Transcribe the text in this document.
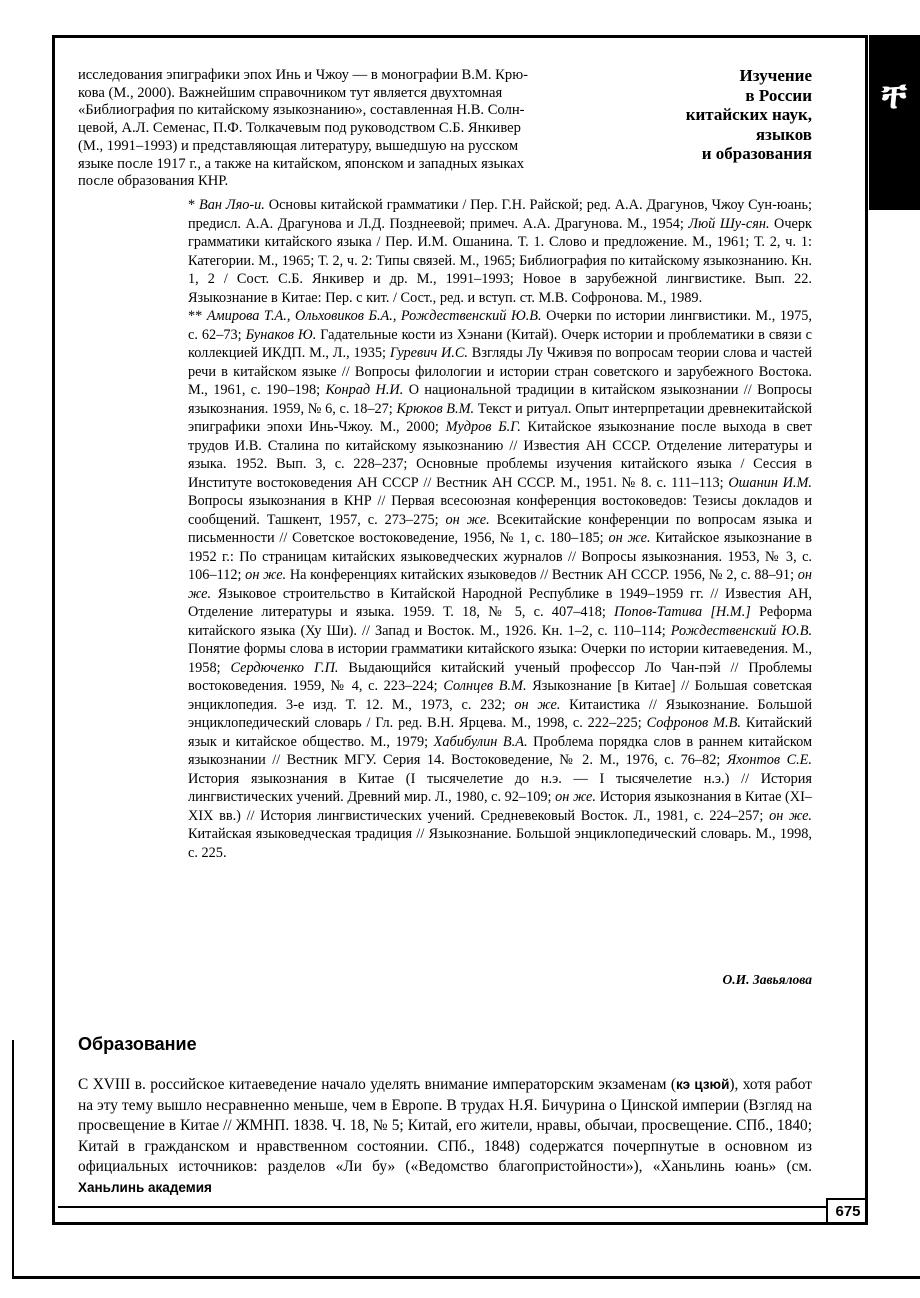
ቸ
Изучение
в России
китайских наук,
языков
и образования
исследования эпиграфики эпох Инь и Чжоу — в монографии В.М. Крю-
кова (М., 2000). Важнейшим справочником тут является двухтомная
«Библиография по китайскому языкознанию», составленная Н.В. Солн-
цевой, А.Л. Семенас, П.Ф. Толкачевым под руководством С.Б. Янкивер
(М., 1991–1993) и представляющая литературу, вышедшую на русском
языке после 1917 г., а также на китайском, японском и западных языках
после образования КНР.

* Ван Ляо-и. Основы китайской грамматики / Пер. Г.Н. Райской; ред. А.А. Драгунов, Чжоу Сун-юань; предисл. А.А. Драгунова и Л.Д. Позднеевой; примеч. А.А. Драгунова. М., 1954; Люй Шу-сян. Очерк грамматики китайского языка / Пер. И.М. Ошанина. Т. 1. Слово и предложение. М., 1961; Т. 2, ч. 1: Категории. М., 1965; Т. 2, ч. 2: Типы связей. М., 1965; Библиография по китайскому языкознанию. Кн. 1, 2 / Сост. С.Б. Янкивер и др. М., 1991–1993; Новое в зарубежной лингвистике. Вып. 22. Языкознание в Китае: Пер. с кит. / Сост., ред. и вступ. ст. М.В. Софронова. М., 1989.

** Амирова Т.А., Ольховиков Б.А., Рождественский Ю.В. Очерки по истории лингвистики. М., 1975, с. 62–73; Бунаков Ю. Гадательные кости из Хэнани (Китай). Очерк истории и проблематики в связи с коллекцией ИКДП. М., Л., 1935; Гуревич И.С. Взгляды Лу Чживэя по вопросам теории слова и частей речи в китайском языке // Вопросы филологии и истории стран советского и зарубежного Востока. М., 1961, с. 190–198; Конрад Н.И. О национальной традиции в китайском языкознании // Вопросы языкознания. 1959, № 6, с. 18–27; Крюков В.М. Текст и ритуал. Опыт интерпретации древнекитайской эпиграфики эпохи Инь-Чжоу. М., 2000; Мудров Б.Г. Китайское языкознание после выхода в свет трудов И.В. Сталина по китайскому языкознанию // Известия АН СССР. Отделение литературы и языка. 1952. Вып. 3, с. 228–237; Основные проблемы изучения китайского языка / Сессия в Институте востоковедения АН СССР // Вестник АН СССР. М., 1951. № 8. с. 111–113; Ошанин И.М. Вопросы языкознания в КНР // Первая всесоюзная конференция востоковедов: Тезисы докладов и сообщений. Ташкент, 1957, с. 273–275; он же. Всекитайские конференции по вопросам языка и письменности // Советское востоковедение, 1956, № 1, с. 180–185; он же. Китайское языкознание в 1952 г.: По страницам китайских языковедческих журналов // Вопросы языкознания. 1953, № 3, с. 106–112; он же. На конференциях китайских языковедов // Вестник АН СССР. 1956, № 2, с. 88–91; он же. Языковое строительство в Китайской Народной Республике в 1949–1959 гг. // Известия АН, Отделение литературы и языка. 1959. Т. 18, № 5, с. 407–418; Попов-Татива [Н.М.] Реформа китайского языка (Ху Ши). // Запад и Восток. М., 1926. Кн. 1–2, с. 110–114; Рождественский Ю.В. Понятие формы слова в истории грамматики китайского языка: Очерки по истории китаеведения. М., 1958; Сердюченко Г.П. Выдающийся китайский ученый профессор Ло Чан-пэй // Проблемы востоковедения. 1959, № 4, с. 223–224; Солнцев В.М. Языкознание [в Китае] // Большая советская энциклопедия. 3-е изд. Т. 12. М., 1973, с. 232; он же. Китаистика // Языкознание. Большой энциклопедический словарь / Гл. ред. В.Н. Ярцева. М., 1998, с. 222–225; Софронов М.В. Китайский язык и китайское общество. М., 1979; Хабибулин В.А. Проблема порядка слов в раннем китайском языкознании // Вестник МГУ. Серия 14. Востоковедение, № 2. М., 1976, с. 76–82; Яхонтов С.Е. История языкознания в Китае (I тысячелетие до н.э. — I тысячелетие н.э.) // История лингвистических учений. Древний мир. Л., 1980, с. 92–109; он же. История языкознания в Китае (XI–XIX вв.) // История лингвистических учений. Средневековый Восток. Л., 1981, с. 224–257; он же. Китайская языковедческая традиция // Языкознание. Большой энциклопедический словарь. М., 1998, с. 225.

О.И. Завьялова
Образование
С XVIII в. российское китаеведение начало уделять внимание императорским экзаменам (кэ цзюй), хотя работ на эту тему вышло несравненно меньше, чем в Европе. В трудах Н.Я. Бичурина о Цинской империи (Взгляд на просвещение в Китае // ЖМНП. 1838. Ч. 18, № 5; Китай, его жители, нравы, обычаи, просвещение. СПб., 1840; Китай в гражданском и нравственном состоянии. СПб., 1848) содержатся почерпнутые в основном из официальных источников: разделов «Ли бу» («Ведомство благопристойности»), «Ханьлинь юань» (см. Ханьлинь академия
675
